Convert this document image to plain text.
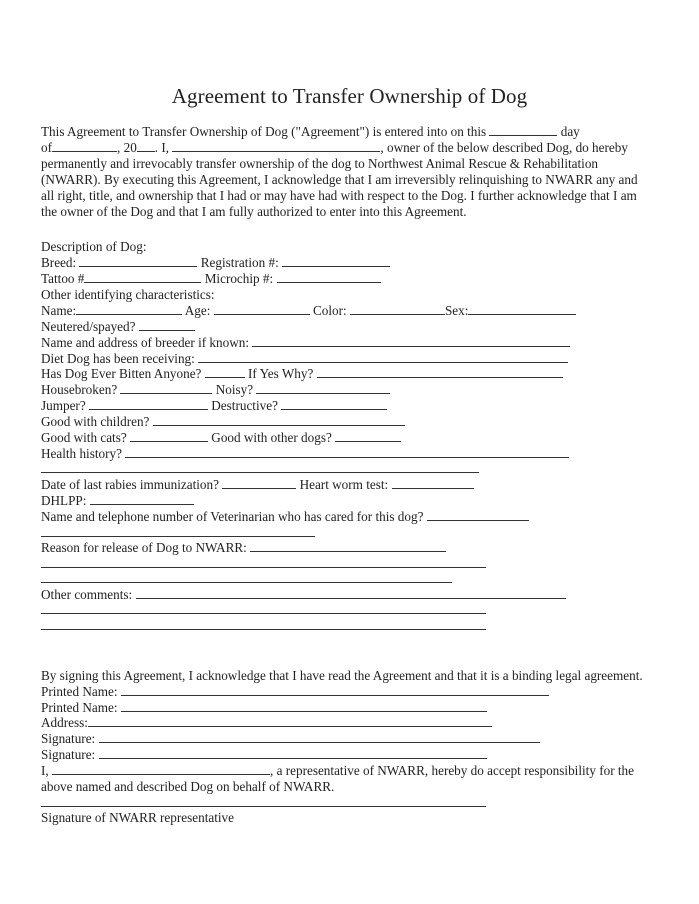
Agreement to Transfer Ownership of Dog
This Agreement to Transfer Ownership of Dog ("Agreement") is entered into on this	day
of	, 20 . I,	, owner of the below described Dog, do hereby
permanently and irrevocably transfer ownership of the dog to Northwest Animal Rescue & Rehabilitation
(NWARR). By executing this Agreement, I acknowledge that I am irreversibly relinquishing to NWARR any and
all right, title, and ownership that I had or may have had with respect to the Dog. I further acknowledge that I am
the owner of the Dog and that I am fully authorized to enter into this Agreement.
Description of Dog:
Breed:	Registration #:
Tattoo #	Microchip #:
Other identifying characteristics:
Name:	Age:	Color:	Sex:
Neutered/spayed?
Name and address of breeder if known:
Diet Dog has been receiving:
Has Dog Ever Bitten Anyone?	If Yes Why?
Housebroken?	Noisy?
Jumper?	Destructive?
Good with children?
Good with cats?	Good with other dogs?
Health history?
Date of last rabies immunization?	Heart worm test:
DHLPP:
Name and telephone number of Veterinarian who has cared for this dog?
Reason for release of Dog to NWARR:
Other comments:
By signing this Agreement, I acknowledge that I have read the Agreement and that it is a binding legal agreement.
Printed Name:
Printed Name:
Address:
Signature:
Signature:
I,	, a representative of NWARR, hereby do accept responsibility for the
above named and described Dog on behalf of NWARR.
Signature of NWARR representative
